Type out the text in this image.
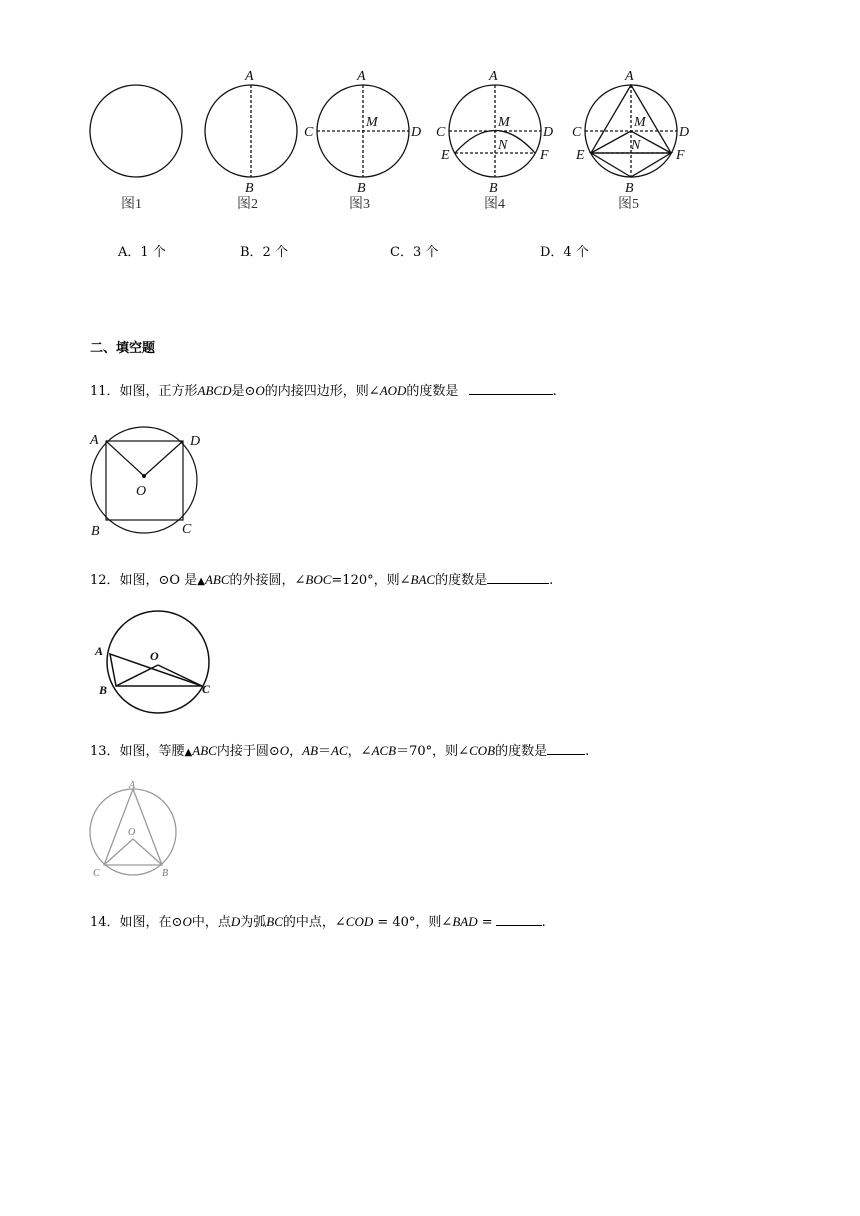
A
B
A
B
C	D
M
A
B
C	D
M
N
E	F
A
B
C	D
M
N
E	F
图1	图2	图3	图4	图5
A．1 个	B．2 个	C．3 个	D．4 个
二、填空题
11．如图，正方形ABCD是⊙O的内接四边形，则∠AOD的度数是	.
A	D
O
B	C
12．如图，⊙O 是▲ABC的外接圆，∠BOC=120°，则∠BAC的度数是	.
A	O
B	C
13．如图，等腰▲ABC内接于圆⊙O，AB＝AC，∠ACB＝70°，则∠COB的度数是	.
A
O
C	B
14．如图，在⊙O中，点D为弧BC的中点，∠COD = 40°，则∠BAD =	.
